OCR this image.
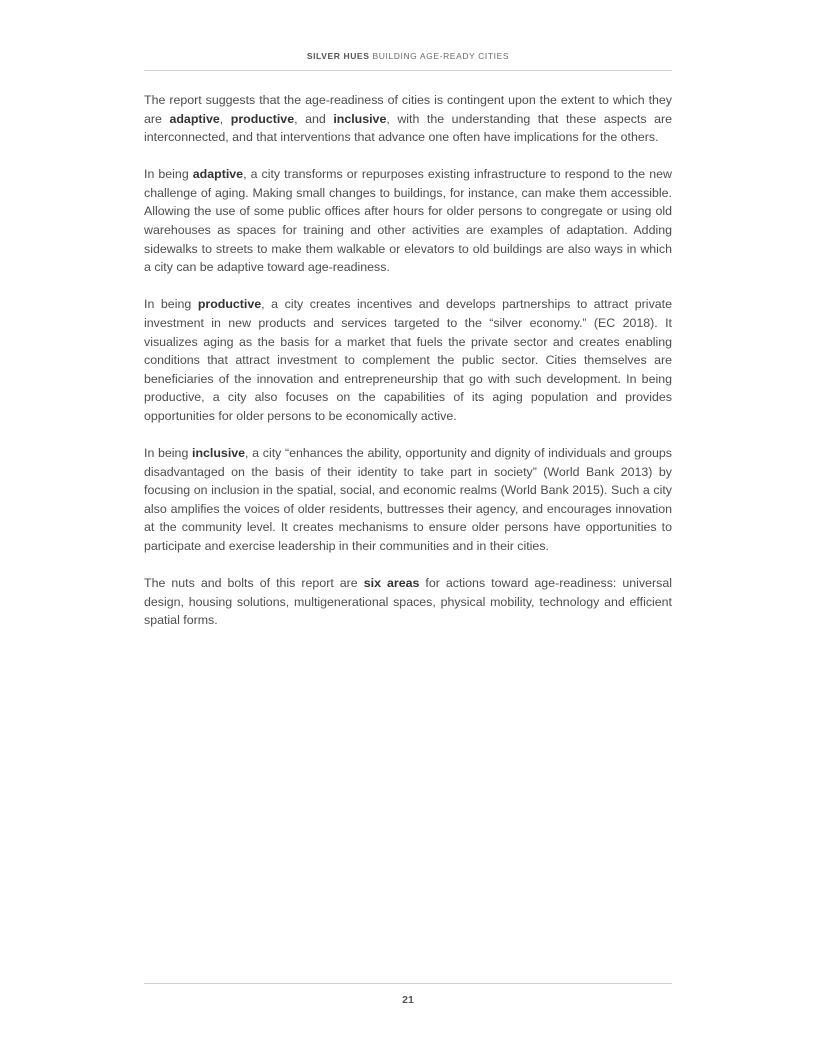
SILVER HUES BUILDING AGE-READY CITIES

The report suggests that the age-readiness of cities is contingent upon the extent to which they are adaptive, productive, and inclusive, with the understanding that these aspects are interconnected, and that interventions that advance one often have implications for the others.

In being adaptive, a city transforms or repurposes existing infrastructure to respond to the new challenge of aging. Making small changes to buildings, for instance, can make them accessible. Allowing the use of some public offices after hours for older persons to congregate or using old warehouses as spaces for training and other activities are examples of adaptation. Adding sidewalks to streets to make them walkable or elevators to old buildings are also ways in which a city can be adaptive toward age-readiness.

In being productive, a city creates incentives and develops partnerships to attract private investment in new products and services targeted to the “silver economy.” (EC 2018). It visualizes aging as the basis for a market that fuels the private sector and creates enabling conditions that attract investment to complement the public sector. Cities themselves are beneficiaries of the innovation and entrepreneurship that go with such development. In being productive, a city also focuses on the capabilities of its aging population and provides opportunities for older persons to be economically active.

In being inclusive, a city “enhances the ability, opportunity and dignity of individuals and groups disadvantaged on the basis of their identity to take part in society” (World Bank 2013) by focusing on inclusion in the spatial, social, and economic realms (World Bank 2015). Such a city also amplifies the voices of older residents, buttresses their agency, and encourages innovation at the community level. It creates mechanisms to ensure older persons have opportunities to participate and exercise leadership in their communities and in their cities.

The nuts and bolts of this report are six areas for actions toward age-readiness: universal design, housing solutions, multigenerational spaces, physical mobility, technology and efficient spatial forms.

21
